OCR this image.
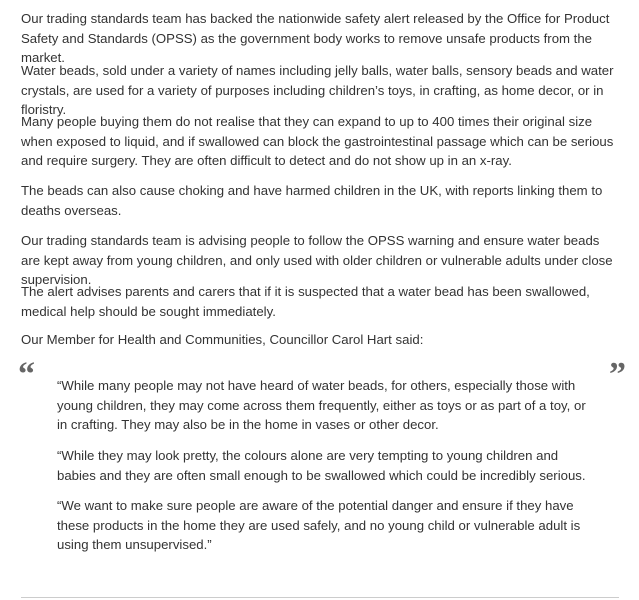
Our trading standards team has backed the nationwide safety alert released by the Office for Product Safety and Standards (OPSS) as the government body works to remove unsafe products from the market.

Water beads, sold under a variety of names including jelly balls, water balls, sensory beads and water crystals, are used for a variety of purposes including children’s toys, in crafting, as home decor, or in floristry.

Many people buying them do not realise that they can expand to up to 400 times their original size when exposed to liquid, and if swallowed can block the gastrointestinal passage which can be serious and require surgery. They are often difficult to detect and do not show up in an x-ray.

The beads can also cause choking and have harmed children in the UK, with reports linking them to deaths overseas.

Our trading standards team is advising people to follow the OPSS warning and ensure water beads are kept away from young children, and only used with older children or vulnerable adults under close supervision.

The alert advises parents and carers that if it is suspected that a water bead has been swallowed, medical help should be sought immediately.

Our Member for Health and Communities, Councillor Carol Hart said:

“	”

“While many people may not have heard of water beads, for others, especially those with young children, they may come across them frequently, either as toys or as part of a toy, or in crafting. They may also be in the home in vases or other decor.

“While they may look pretty, the colours alone are very tempting to young children and babies and they are often small enough to be swallowed which could be incredibly serious.

“We want to make sure people are aware of the potential danger and ensure if they have these products in the home they are used safely, and no young child or vulnerable adult is using them unsupervised.”
